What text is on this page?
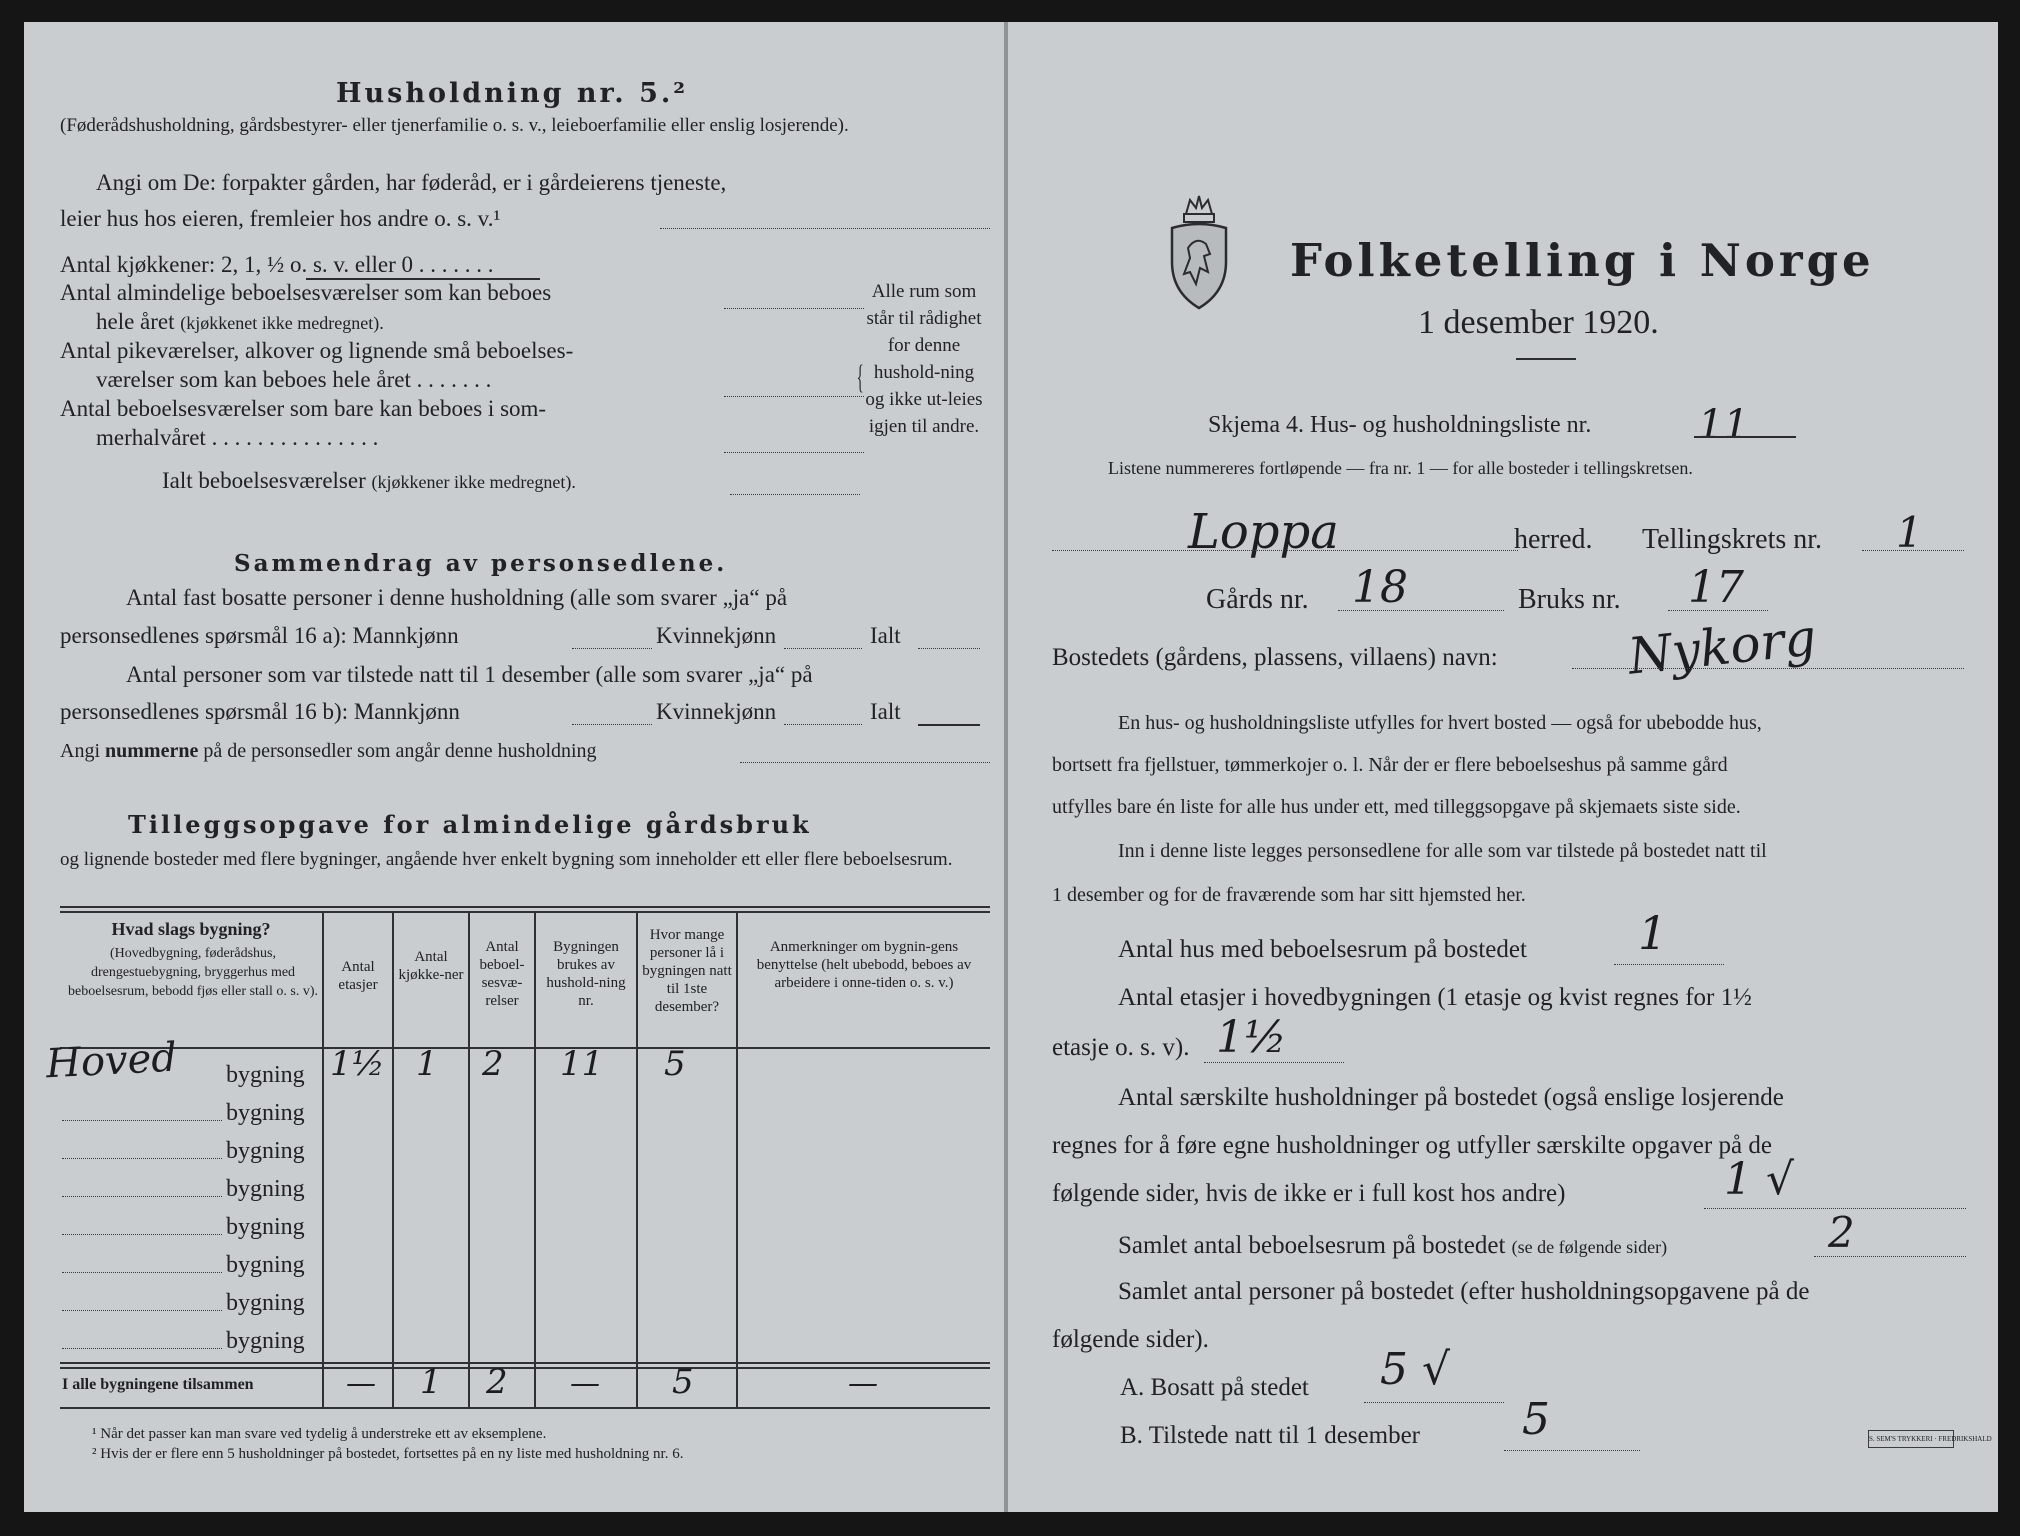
Husholdning nr. 5.²
(Føderådshusholdning, gårdsbestyrer- eller tjenerfamilie o. s. v., leieboerfamilie eller enslig losjerende).
Angi om De: forpakter gården, har føderåd, er i gårdeierens tjeneste,
leier hus hos eieren, fremleier hos andre o. s. v.¹
Antal kjøkkener: 2, 1, ½ o. s. v. eller 0 . . . . . . .
Antal almindelige beboelsesværelser som kan beboes
hele året (kjøkkenet ikke medregnet).
Antal pikeværelser, alkover og lignende små beboelses-
værelser som kan beboes hele året . . . . . . .
Antal beboelsesværelser som bare kan beboes i som-
merhalvåret . . . . . . . . . . . . . . .
Ialt beboelsesværelser (kjøkkener ikke medregnet).
{
Alle rum som står til rådighet for denne hushold-ning og ikke ut-leies igjen til andre.
Sammendrag av personsedlene.
Antal fast bosatte personer i denne husholdning (alle som svarer „ja“ på
personsedlenes spørsmål 16 a): Mannkjønn	Kvinnekjønn	Ialt
Antal personer som var tilstede natt til 1 desember (alle som svarer „ja“ på
personsedlenes spørsmål 16 b): Mannkjønn	Kvinnekjønn	Ialt
Angi nummerne på de personsedler som angår denne husholdning
Tilleggsopgave for almindelige gårdsbruk
og lignende bosteder med flere bygninger, angående hver enkelt bygning som inneholder ett eller flere beboelsesrum.
Hvad slags bygning?
(Hovedbygning, føderådshus, drengestuebygning, bryggerhus med beboelsesrum, bebodd fjøs eller stall o. s. v).
Antal etasjer
Antal kjøkke-ner
Antal beboel-sesvæ-relser
Bygningen brukes av hushold-ning nr.
Hvor mange personer lå i bygningen natt til 1ste desember?
Anmerkninger om bygnin-gens benyttelse (helt ubebodd, beboes av arbeidere i onne-tiden o. s. v.)
Hoved bygning 1½ 1 2 11 5
bygning
bygning
bygning
bygning
bygning
bygning
bygning
I alle bygningene tilsammen	— 1 2 — 5	—
¹ Når det passer kan man svare ved tydelig å understreke ett av eksemplene.
² Hvis der er flere enn 5 husholdninger på bostedet, fortsettes på en ny liste med husholdning nr. 6.
Folketelling i Norge
1 desember 1920.
Skjema 4. Hus- og husholdningsliste nr.	11
Listene nummereres fortløpende — fra nr. 1 — for alle bosteder i tellingskretsen.
Loppa	herred. Tellingskrets nr. 1
Gårds nr. 18	Bruks nr. 17
Bostedets (gårdens, plassens, villaens) navn:	Nykorg
En hus- og husholdningsliste utfylles for hvert bosted — også for ubebodde hus,
bortsett fra fjellstuer, tømmerkojer o. l. Når der er flere beboelseshus på samme gård
utfylles bare én liste for alle hus under ett, med tilleggsopgave på skjemaets siste side.
Inn i denne liste legges personsedlene for alle som var tilstede på bostedet natt til
1 desember og for de fraværende som har sitt hjemsted her.
Antal hus med beboelsesrum på bostedet 1
Antal etasjer i hovedbygningen (1 etasje og kvist regnes for 1½
etasje o. s. v). 1½
Antal særskilte husholdninger på bostedet (også enslige losjerende
regnes for å føre egne husholdninger og utfyller særskilte opgaver på de
følgende sider, hvis de ikke er i full kost hos andre)	1 √
Samlet antal beboelsesrum på bostedet (se de følgende sider)	2
Samlet antal personer på bostedet (efter husholdningsopgavene på de
følgende sider).
A. Bosatt på stedet 5 √
B. Tilstede natt til 1 desember 5	S. SEM'S TRYKKERI · FREDRIKSHALD
